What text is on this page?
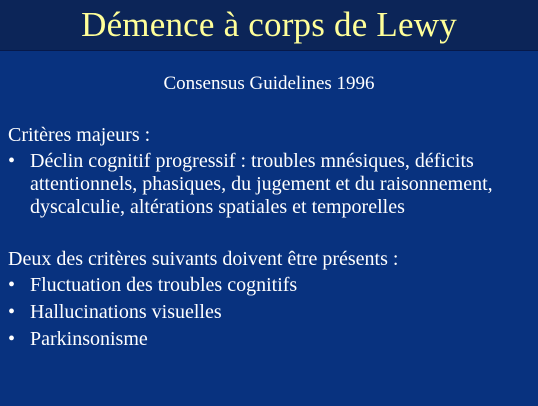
Démence à corps de Lewy
Consensus Guidelines 1996

Critères majeurs :

• Déclin cognitif progressif : troubles mnésiques, déficits attentionnels, phasiques, du jugement et du raisonnement, dyscalculie, altérations spatiales et temporelles

Deux des critères suivants doivent être présents :

• Fluctuation des troubles cognitifs
• Hallucinations visuelles
• Parkinsonisme
